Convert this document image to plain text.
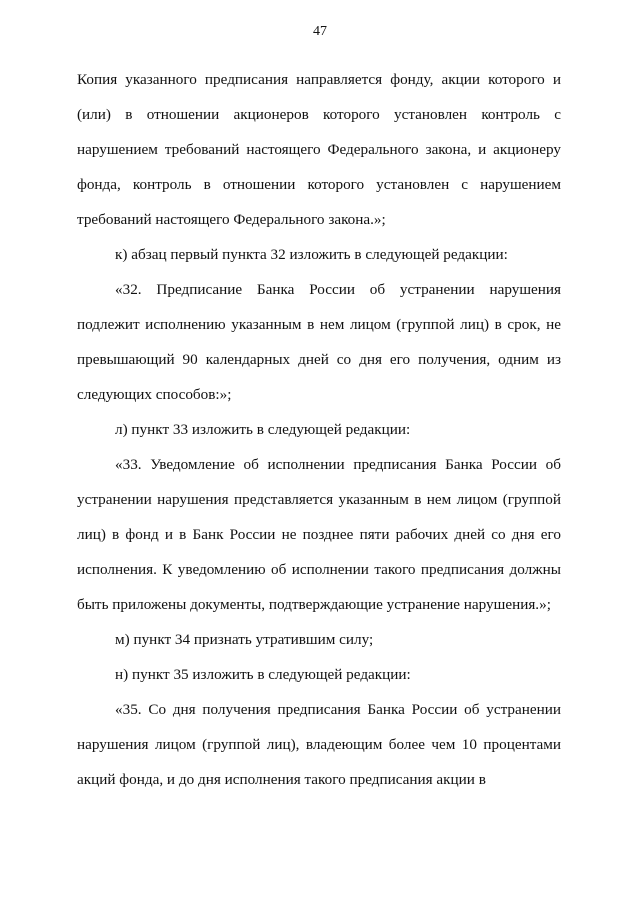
47

Копия указанного предписания направляется фонду, акции которого и (или) в отношении акционеров которого установлен контроль с нарушением требований настоящего Федерального закона, и акционеру фонда, контроль в отношении которого установлен с нарушением требований настоящего Федерального закона.»;

к) абзац первый пункта 32 изложить в следующей редакции:

«32. Предписание Банка России об устранении нарушения подлежит исполнению указанным в нем лицом (группой лиц) в срок, не превышающий 90 календарных дней со дня его получения, одним из следующих способов:»;

л) пункт 33 изложить в следующей редакции:

«33. Уведомление об исполнении предписания Банка России об устранении нарушения представляется указанным в нем лицом (группой лиц) в фонд и в Банк России не позднее пяти рабочих дней со дня его исполнения. К уведомлению об исполнении такого предписания должны быть приложены документы, подтверждающие устранение нарушения.»;

м) пункт 34 признать утратившим силу;

н) пункт 35 изложить в следующей редакции:

«35. Со дня получения предписания Банка России об устранении нарушения лицом (группой лиц), владеющим более чем 10 процентами акций фонда, и до дня исполнения такого предписания акции в
